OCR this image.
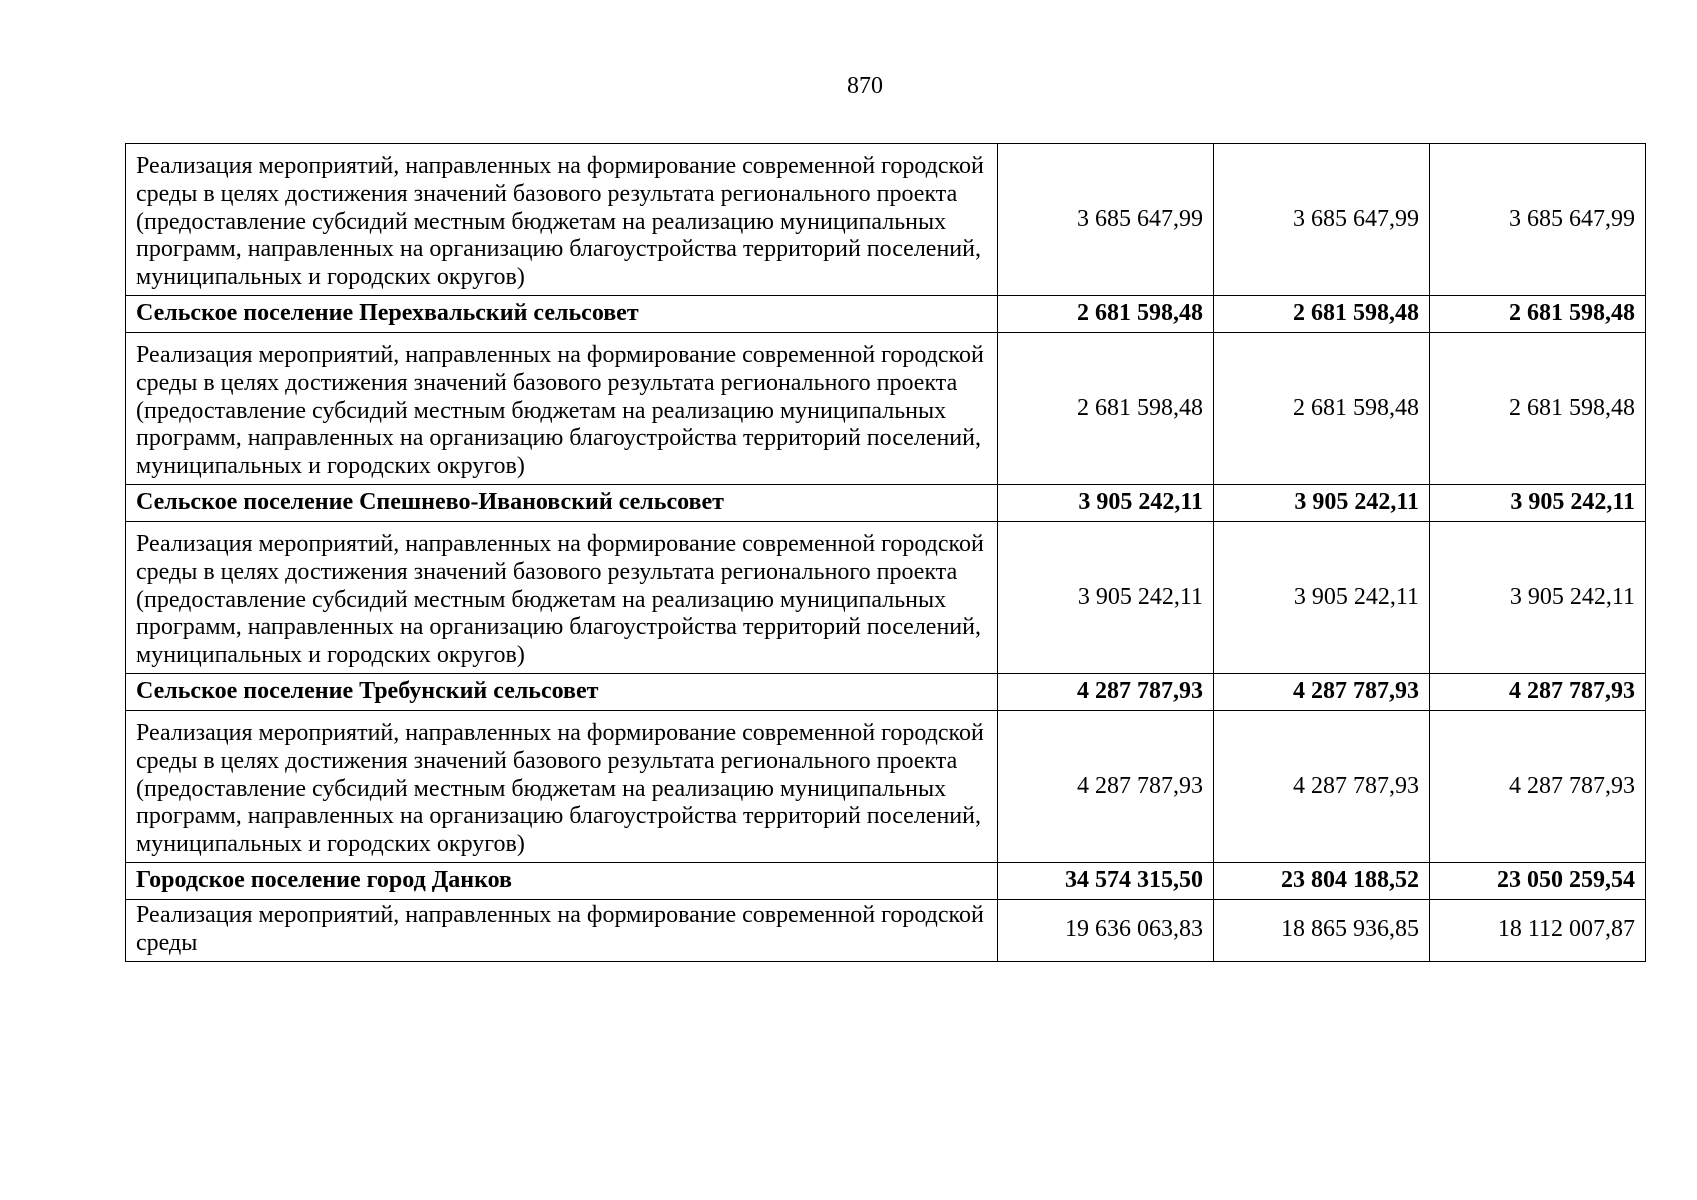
870
Реализация мероприятий, направленных на формирование современной городской среды в целях достижения значений базового результата регионального проекта (предоставление субсидий местным бюджетам на реализацию муниципальных программ, направленных на организацию благоустройства территорий поселений, муниципальных и городских округов)	3 685 647,99	3 685 647,99	3 685 647,99
Сельское поселение Перехвальский сельсовет	2 681 598,48	2 681 598,48	2 681 598,48
Реализация мероприятий, направленных на формирование современной городской среды в целях достижения значений базового результата регионального проекта (предоставление субсидий местным бюджетам на реализацию муниципальных программ, направленных на организацию благоустройства территорий поселений, муниципальных и городских округов)	2 681 598,48	2 681 598,48	2 681 598,48
Сельское поселение Спешнево-Ивановский сельсовет	3 905 242,11	3 905 242,11	3 905 242,11
Реализация мероприятий, направленных на формирование современной городской среды в целях достижения значений базового результата регионального проекта (предоставление субсидий местным бюджетам на реализацию муниципальных программ, направленных на организацию благоустройства территорий поселений, муниципальных и городских округов)	3 905 242,11	3 905 242,11	3 905 242,11
Сельское поселение Требунский сельсовет	4 287 787,93	4 287 787,93	4 287 787,93
Реализация мероприятий, направленных на формирование современной городской среды в целях достижения значений базового результата регионального проекта (предоставление субсидий местным бюджетам на реализацию муниципальных программ, направленных на организацию благоустройства территорий поселений, муниципальных и городских округов)	4 287 787,93	4 287 787,93	4 287 787,93
Городское поселение город Данков	34 574 315,50	23 804 188,52	23 050 259,54
Реализация мероприятий, направленных на формирование современной городской среды	19 636 063,83	18 865 936,85	18 112 007,87
